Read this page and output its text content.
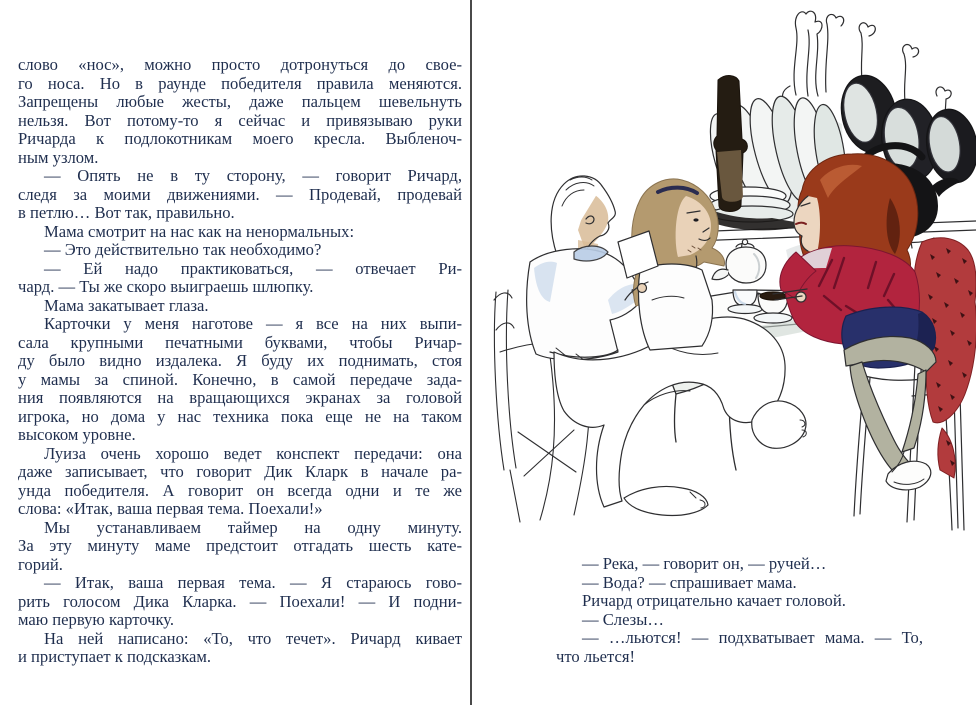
слово «нос», можно просто дотронуться до свое-
го носа. Но в раунде победителя правила меняются.
Запрещены любые жесты, даже пальцем шевельнуть
нельзя. Вот потому-то я сейчас и привязываю руки
Ричарда к подлокотникам моего кресла. Выбленоч-
ным узлом.
— Опять не в ту сторону, — говорит Ричард,
следя за моими движениями. — Продевай, продевай
в петлю… Вот так, правильно.
Мама смотрит на нас как на ненормальных:
— Это действительно так необходимо?
— Ей надо практиковаться, — отвечает Ри-
чард. — Ты же скоро выиграешь шлюпку.
Мама закатывает глаза.
Карточки у меня наготове — я все на них выпи-
сала крупными печатными буквами, чтобы Ричар-
ду было видно издалека. Я буду их поднимать, стоя
у мамы за спиной. Конечно, в самой передаче зада-
ния появляются на вращающихся экранах за головой
игрока, но дома у нас техника пока еще не на таком
высоком уровне.
Луиза очень хорошо ведет конспект передачи: она
даже записывает, что говорит Дик Кларк в начале ра-
унда победителя. А говорит он всегда одни и те же
слова: «Итак, ваша первая тема. Поехали!»
Мы устанавливаем таймер на одну минуту.
За эту минуту маме предстоит отгадать шесть кате-
горий.
— Итак, ваша первая тема. — Я стараюсь гово-
рить голосом Дика Кларка. — Поехали! — И подни-
маю первую карточку.
На ней написано: «То, что течет». Ричард кивает
и приступает к подсказкам.
— Река, — говорит он, — ручей…
— Вода? — спрашивает мама.
Ричард отрицательно качает головой.
— Слезы…
— …льются! — подхватывает мама. — То,
что льется!
